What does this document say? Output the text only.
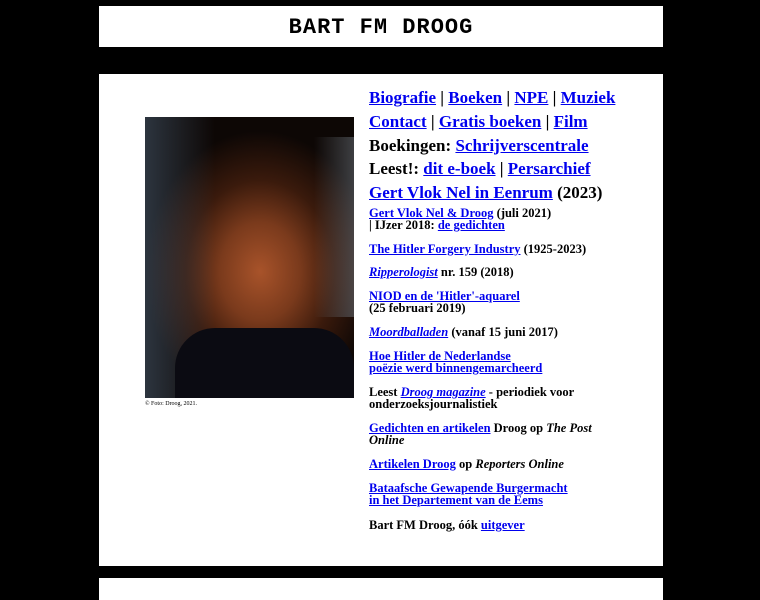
BART FM DROOG
© Foto: Droog, 2021.
Biografie | Boeken | NPE | Muziek
Contact | Gratis boeken | Film
Boekingen: Schrijverscentrale
Leest!: dit e-boek | Persarchief
Gert Vlok Nel in Eenrum (2023)
Gert Vlok Nel & Droog (juli 2021)
| IJzer 2018: de gedichten
The Hitler Forgery Industry (1925-2023)
Ripperologist nr. 159 (2018)
NIOD en de 'Hitler'-aquarel
(25 februari 2019)
Moordballaden (vanaf 15 juni 2017)
Hoe Hitler de Nederlandse
poëzie werd binnengemarcheerd
Leest Droog magazine - periodiek voor
onderzoeksjournalistiek
Gedichten en artikelen Droog op The Post
Online
Artikelen Droog op Reporters Online
Bataafsche Gewapende Burgermacht
in het Departement van de Eems
Bart FM Droog, óók uitgever
